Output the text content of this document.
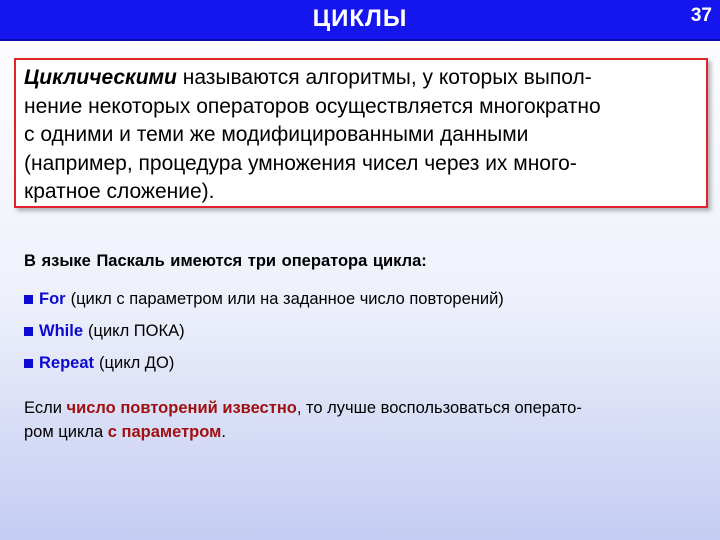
ЦИКЛЫ	37

Циклическими называются алгоритмы, у которых выпол-
нение некоторых операторов осуществляется многократно
с одними и теми же модифицированными данными
(например, процедура умножения чисел через их много-
кратное сложение).

В языке Паскаль имеются три оператора цикла:
For (цикл с параметром или на заданное число повторений)
While (цикл ПОКА)
Repeat (цикл ДО)

Если число повторений известно, то лучше воспользоваться операто-
ром цикла с параметром.
